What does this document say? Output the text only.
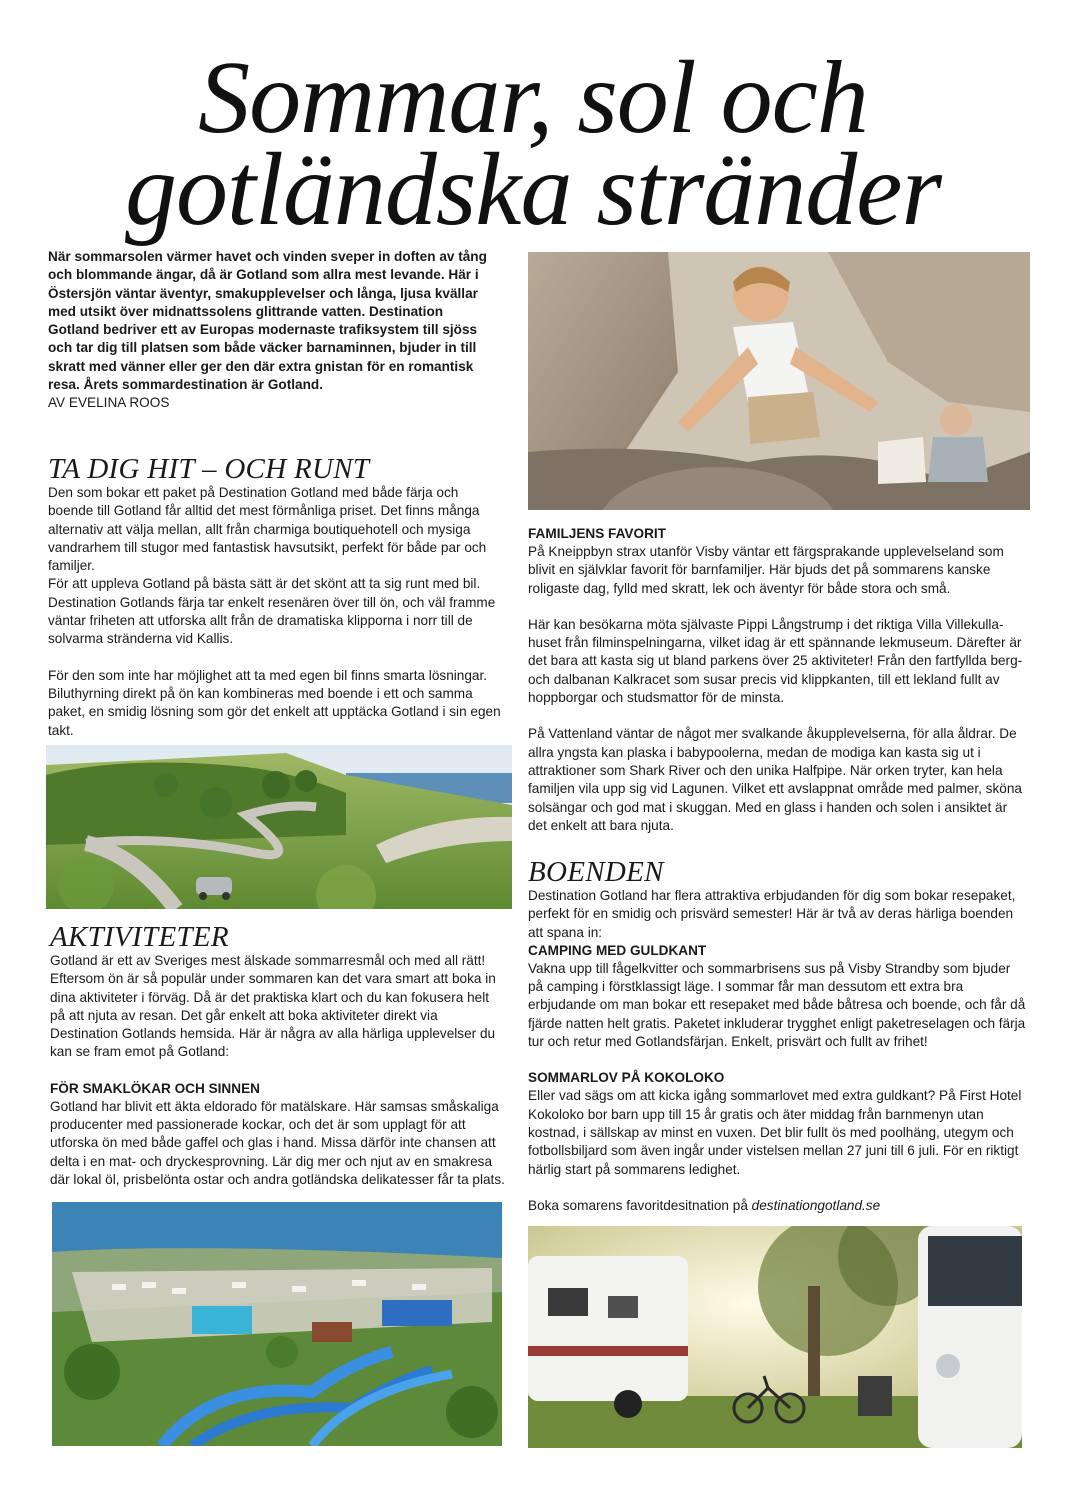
Sommar, sol och
gotländska stränder

När sommarsolen värmer havet och vinden sveper in doften av tång och blommande ängar, då är Gotland som allra mest levande. Här i Östersjön väntar äventyr, smakupplevelser och långa, ljusa kvällar med utsikt över midnattssolens glittrande vatten. Destination Gotland bedriver ett av Europas modernaste trafiksystem till sjöss och tar dig till platsen som både väcker barnaminnen, bjuder in till skratt med vänner eller ger den där extra gnistan för en romantisk resa. Årets sommardestination är Gotland.

AV EVELINA ROOS

TA DIG HIT – OCH RUNT

Den som bokar ett paket på Destination Gotland med både färja och boende till Gotland får alltid det mest förmånliga priset. Det finns många alternativ att välja mellan, allt från charmiga boutiquehotell och mysiga vandrarhem till stugor med fantastisk havsutsikt, perfekt för både par och familjer.

För att uppleva Gotland på bästa sätt är det skönt att ta sig runt med bil. Destination Gotlands färja tar enkelt resenären över till ön, och väl framme väntar friheten att utforska allt från de dramatiska klipporna i norr till de solvarma stränderna vid Kallis.

För den som inte har möjlighet att ta med egen bil finns smarta lösningar. Biluthyrning direkt på ön kan kombineras med boende i ett och samma paket, en smidig lösning som gör det enkelt att upptäcka Gotland i sin egen takt.

AKTIVITETER

Gotland är ett av Sveriges mest älskade sommarresmål och med all rätt! Eftersom ön är så populär under sommaren kan det vara smart att boka in dina aktiviteter i förväg. Då är det praktiska klart och du kan fokusera helt på att njuta av resan. Det går enkelt att boka aktiviteter direkt via Destination Gotlands hemsida. Här är några av alla härliga upplevelser du kan se fram emot på Gotland:

FÖR SMAKLÖKAR OCH SINNEN

Gotland har blivit ett äkta eldorado för matälskare. Här samsas småskaliga producenter med passionerade kockar, och det är som upplagt för att utforska ön med både gaffel och glas i hand. Missa därför inte chansen att delta i en mat- och dryckesprovning. Lär dig mer och njut av en smakresa där lokal öl, prisbelönta ostar och andra gotländska delikatesser får ta plats.

FAMILJENS FAVORIT

På Kneippbyn strax utanför Visby väntar ett färgsprakande upplevelseland som blivit en självklar favorit för barnfamiljer. Här bjuds det på sommarens kanske roligaste dag, fylld med skratt, lek och äventyr för både stora och små.

Här kan besökarna möta självaste Pippi Långstrump i det riktiga Villa Villekulla-huset från filminspelningarna, vilket idag är ett spännande lekmuseum. Därefter är det bara att kasta sig ut bland parkens över 25 aktiviteter! Från den fartfyllda berg- och dalbanan Kalkracet som susar precis vid klippkanten, till ett lekland fullt av hoppborgar och studsmattor för de minsta.

På Vattenland väntar de något mer svalkande åkupplevelserna, för alla åldrar. De allra yngsta kan plaska i babypoolerna, medan de modiga kan kasta sig ut i attraktioner som Shark River och den unika Halfpipe. När orken tryter, kan hela familjen vila upp sig vid Lagunen. Vilket ett avslappnat område med palmer, sköna solsängar och god mat i skuggan. Med en glass i handen och solen i ansiktet är det enkelt att bara njuta.

BOENDEN

Destination Gotland har flera attraktiva erbjudanden för dig som bokar resepaket, perfekt för en smidig och prisvärd semester! Här är två av deras härliga boenden att spana in:

CAMPING MED GULDKANT

Vakna upp till fågelkvitter och sommarbrisens sus på Visby Strandby som bjuder på camping i förstklassigt läge. I sommar får man dessutom ett extra bra erbjudande om man bokar ett resepaket med både båtresa och boende, och får då fjärde natten helt gratis. Paketet inkluderar trygghet enligt paketreselagen och färja tur och retur med Gotlandsfärjan. Enkelt, prisvärt och fullt av frihet!

SOMMARLOV PÅ KOKOLOKO

Eller vad sägs om att kicka igång sommarlovet med extra guldkant? På First Hotel Kokoloko bor barn upp till 15 år gratis och äter middag från barnmenyn utan kostnad, i sällskap av minst en vuxen. Det blir fullt ös med poolhäng, utegym och fotbollsbiljard som även ingår under vistelsen mellan 27 juni till 6 juli. För en riktigt härlig start på sommarens ledighet.

Boka somarens favoritdesitnation på destinationgotland.se
